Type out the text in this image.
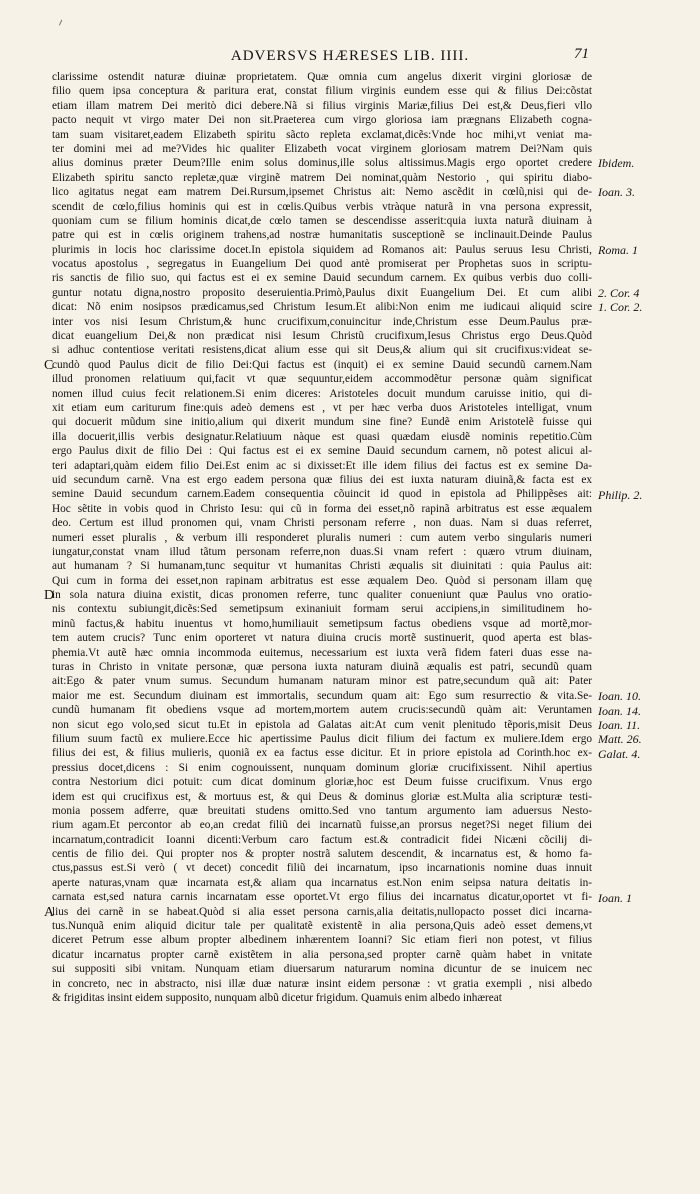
ADVERSVS HÆRESES LIB. IIII.	71
clarissime ostendit naturæ diuinæ proprietatem. Quæ omnia cum angelus dixerit virgini gloriosæ de
filio quem ipsa conceptura & paritura erat, constat filium virginis eundem esse qui & filius Dei:cõstat
etiam illam matrem Dei meritò dici debere.Nã si filius virginis Mariæ,filius Dei est,& Deus,fieri vllo
pacto nequit vt virgo mater Dei non sit.Praeterea cum virgo gloriosa iam prægnans Elizabeth cogna-
tam suam visitaret,eadem Elizabeth spiritu sãcto repleta exclamat,dicẽs:Vnde hoc mihi,vt veniat ma-
ter domini mei ad me?Vides hic qualiter Elizabeth vocat virginem gloriosam matrem Dei?Nam quis
alius dominus præter Deum?Ille enim solus dominus,ille solus altissimus.Magis ergo oportet credere
Elizabeth spiritu sancto repletæ,quæ virginẽ matrem Dei nominat,quàm Nestorio , qui spiritu diabo-
lico agitatus negat eam matrem Dei.Rursum,ipsemet Christus ait: Nemo ascẽdit in cœlũ,nisi qui de-
scendit de cœlo,filius hominis qui est in cœlis.Quibus verbis vtràque naturã in vna persona expressit,
quoniam cum se filium hominis dicat,de cœlo tamen se descendisse asserit:quia iuxta naturã diuinam à
patre qui est in cœlis originem trahens,ad nostræ humanitatis susceptionẽ se inclinauit.Deinde Paulus
plurimis in locis hoc clarissime docet.In epistola siquidem ad Romanos ait: Paulus seruus Iesu Christi,
vocatus apostolus , segregatus in Euangelium Dei quod antè promiserat per Prophetas suos in scriptu-
ris sanctis de filio suo, qui factus est ei ex semine Dauid secundum carnem. Ex quibus verbis duo colli-
guntur notatu digna,nostro proposito deseruientia.Primò,Paulus dixit Euangelium Dei. Et cum alibi
dicat: Nõ enim nosipsos prædicamus,sed Christum Iesum.Et alibi:Non enim me iudicaui aliquid scire
inter vos nisi Iesum Christum,& hunc crucifixum,conuincitur inde,Christum esse Deum.Paulus præ-
dicat euangelium Dei,& non prædicat nisi Iesum Christũ crucifixum,Iesus Christus ergo Deus.Quòd
si adhuc contentiose veritati resistens,dicat alium esse qui sit Deus,& alium qui sit crucifixus:videat se-
cundò quod Paulus dicit de filio Dei:Qui factus est (inquit) ei ex semine Dauid secundũ carnem.Nam
illud pronomen relatiuum qui,facit vt quæ sequuntur,eidem accommodẽtur personæ quàm significat
nomen illud cuius fecit relationem.Si enim diceres: Aristoteles docuit mundum caruisse initio, qui di-
xit etiam eum cariturum fine:quis adeò demens est , vt per hæc verba duos Aristoteles intelligat, vnum
qui docuerit mũdum sine initio,alium qui dixerit mundum sine fine? Eundẽ enim Aristotelẽ fuisse qui
illa docuerit,illis verbis designatur.Relatiuum nàque est quasi quædam eiusdẽ nominis repetitio.Cùm
ergo Paulus dixit de filio Dei : Qui factus est ei ex semine Dauid secundum carnem, nõ potest alicui al-
teri adaptari,quàm eidem filio Dei.Est enim ac si dixisset:Et ille idem filius dei factus est ex semine Da-
uid secundum carnẽ. Vna est ergo eadem persona quæ filius dei est iuxta naturam diuinã,& facta est ex
semine Dauid secundum carnem.Eadem consequentia cõuincit id quod in epistola ad Philippẽses ait:
Hoc sẽtite in vobis quod in Christo Iesu: qui cũ in forma dei esset,nõ rapinã arbitratus est esse æqualem
deo. Certum est illud pronomen qui, vnam Christi personam referre , non duas. Nam si duas referret,
numeri esset pluralis , & verbum illi responderet pluralis numeri : cum autem verbo singularis numeri
iungatur,constat vnam illud tãtum personam referre,non duas.Si vnam refert : quæro vtrum diuinam,
aut humanam ? Si humanam,tunc sequitur vt humanitas Christi æqualis sit diuinitati : quia Paulus ait:
Qui cum in forma dei esset,non rapinam arbitratus est esse æqualem Deo. Quòd si personam illam quę
in sola natura diuina existit, dicas pronomen referre, tunc qualiter conueniunt quæ Paulus vno oratio-
nis contextu subiungit,dicẽs:Sed semetipsum exinaniuit formam serui accipiens,in similitudinem ho-
minũ factus,& habitu inuentus vt homo,humiliauit semetipsum factus obediens vsque ad mortẽ,mor-
tem autem crucis? Tunc enim oporteret vt natura diuina crucis mortẽ sustinuerit, quod aperta est blas-
phemia.Vt autẽ hæc omnia incommoda euitemus, necessarium est iuxta verã fidem fateri duas esse na-
turas in Christo in vnitate personæ, quæ persona iuxta naturam diuinã æqualis est patri, secundũ quam
ait:Ego & pater vnum sumus. Secundum humanam naturam minor est patre,secundum quã ait: Pater
maior me est. Secundum diuinam est immortalis, secundum quam ait: Ego sum resurrectio & vita.Se-
cundũ humanam fit obediens vsque ad mortem,mortem autem crucis:secundũ quàm ait: Veruntamen
non sicut ego volo,sed sicut tu.Et in epistola ad Galatas ait:At cum venit plenitudo tẽporis,misit Deus
filium suum factũ ex muliere.Ecce hic apertissime Paulus dicit filium dei factum ex muliere.Idem ergo
filius dei est, & filius mulieris, quoniã ex ea factus esse dicitur. Et in priore epistola ad Corinth.hoc ex-
pressius docet,dicens : Si enim cognouissent, nunquam dominum gloriæ crucifixissent. Nihil apertius
contra Nestorium dici potuit: cum dicat dominum gloriæ,hoc est Deum fuisse crucifixum. Vnus ergo
idem est qui crucifixus est, & mortuus est, & qui Deus & dominus gloriæ est.Multa alia scripturæ testi-
monia possem adferre, quæ breuitati studens omitto.Sed vno tantum argumento iam aduersus Nesto-
rium agam.Et percontor ab eo,an credat filiũ dei incarnatũ fuisse,an prorsus neget?Si neget filium dei
incarnatum,contradicit Ioanni dicenti:Verbum caro factum est.& contradicit fidei Nicæni cõcilij di-
centis de filio dei. Qui propter nos & propter nostrã salutem descendit, & incarnatus est, & homo fa-
ctus,passus est.Si verò ( vt decet) concedit filiũ dei incarnatum, ipso incarnationis nomine duas innuit
aperte naturas,vnam quæ incarnata est,& aliam qua incarnatus est.Non enim seipsa natura deitatis in-
carnata est,sed natura carnis incarnatam esse oportet.Vt ergo filius dei incarnatus dicatur,oportet vt fi-
lius dei carnẽ in se habeat.Quòd si alia esset persona carnis,alia deitatis,nullopacto posset dici incarna-
tus.Nunquã enim aliquid dicitur tale per qualitatẽ existentẽ in alia persona,Quis adeò esset demens,vt
diceret Petrum esse album propter albedinem inhærentem Ioanni? Sic etiam fieri non potest, vt filius
dicatur incarnatus propter carnẽ existẽtem in alia persona,sed propter carnẽ quàm habet in vnitate
sui suppositi sibi vnitam. Nunquam etiam diuersarum naturarum nomina dicuntur de se inuicem nec
in concreto, nec in abstracto, nisi illæ duæ naturæ insint eidem personæ : vt gratia exempli , nisi albedo
& frigiditas insint eidem supposito, nunquam albũ dicetur frigidum. Quamuis enim albedo inhæreat
C
D
A
Ibidem.
Ioan. 3.
Roma. 1
2. Cor. 4
1. Cor. 2.
Philip. 2.
Ioan. 10.
Ioan. 14.
Ioan. 11.
Matt. 26.
Galat. 4.
Ioan. 1
